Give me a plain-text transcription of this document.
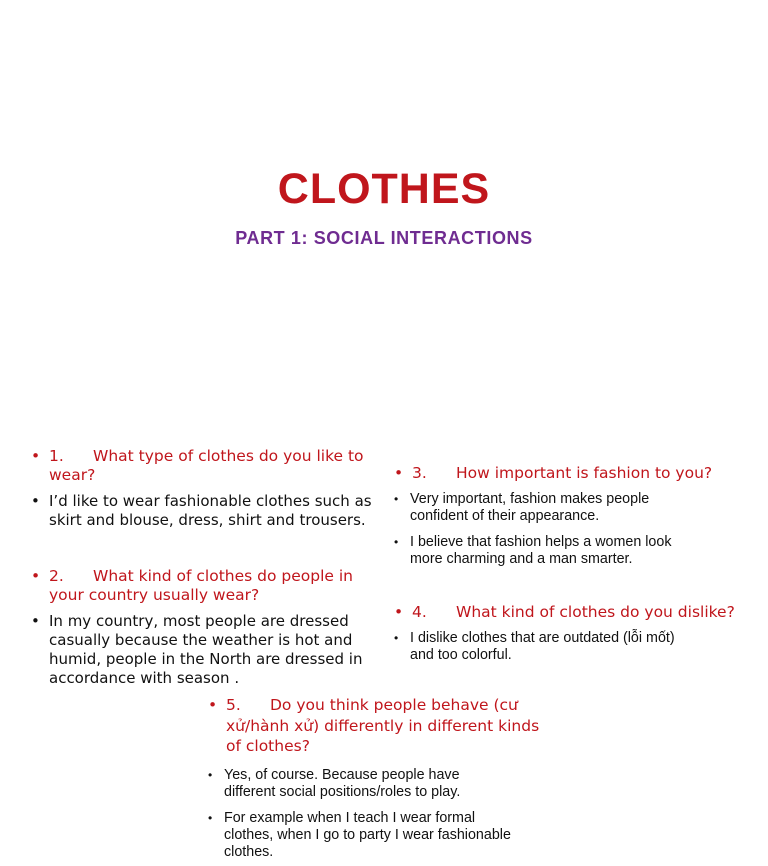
CLOTHES
PART 1: SOCIAL INTERACTIONS
• 1. What type of clothes do you like to
wear?
• I’d like to wear fashionable clothes such as
skirt and blouse, dress, shirt and trousers.
• 2. What kind of clothes do people in
your country usually wear?
• In my country, most people are dressed
casually because the weather is hot and
humid, people in the North are dressed in
accordance with season .
• 3. How important is fashion to you?
• Very important, fashion makes people
confident of their appearance.
• I believe that fashion helps a women look
more charming and a man smarter.
• 4. What kind of clothes do you dislike?
• I dislike clothes that are outdated (lỗi mốt)
and too colorful.
• 5. Do you think people behave (cư
xử/hành xử) differently in different kinds
of clothes?
• Yes, of course. Because people have
different social positions/roles to play.
• For example when I teach I wear formal
clothes, when I go to party I wear fashionable
clothes.
